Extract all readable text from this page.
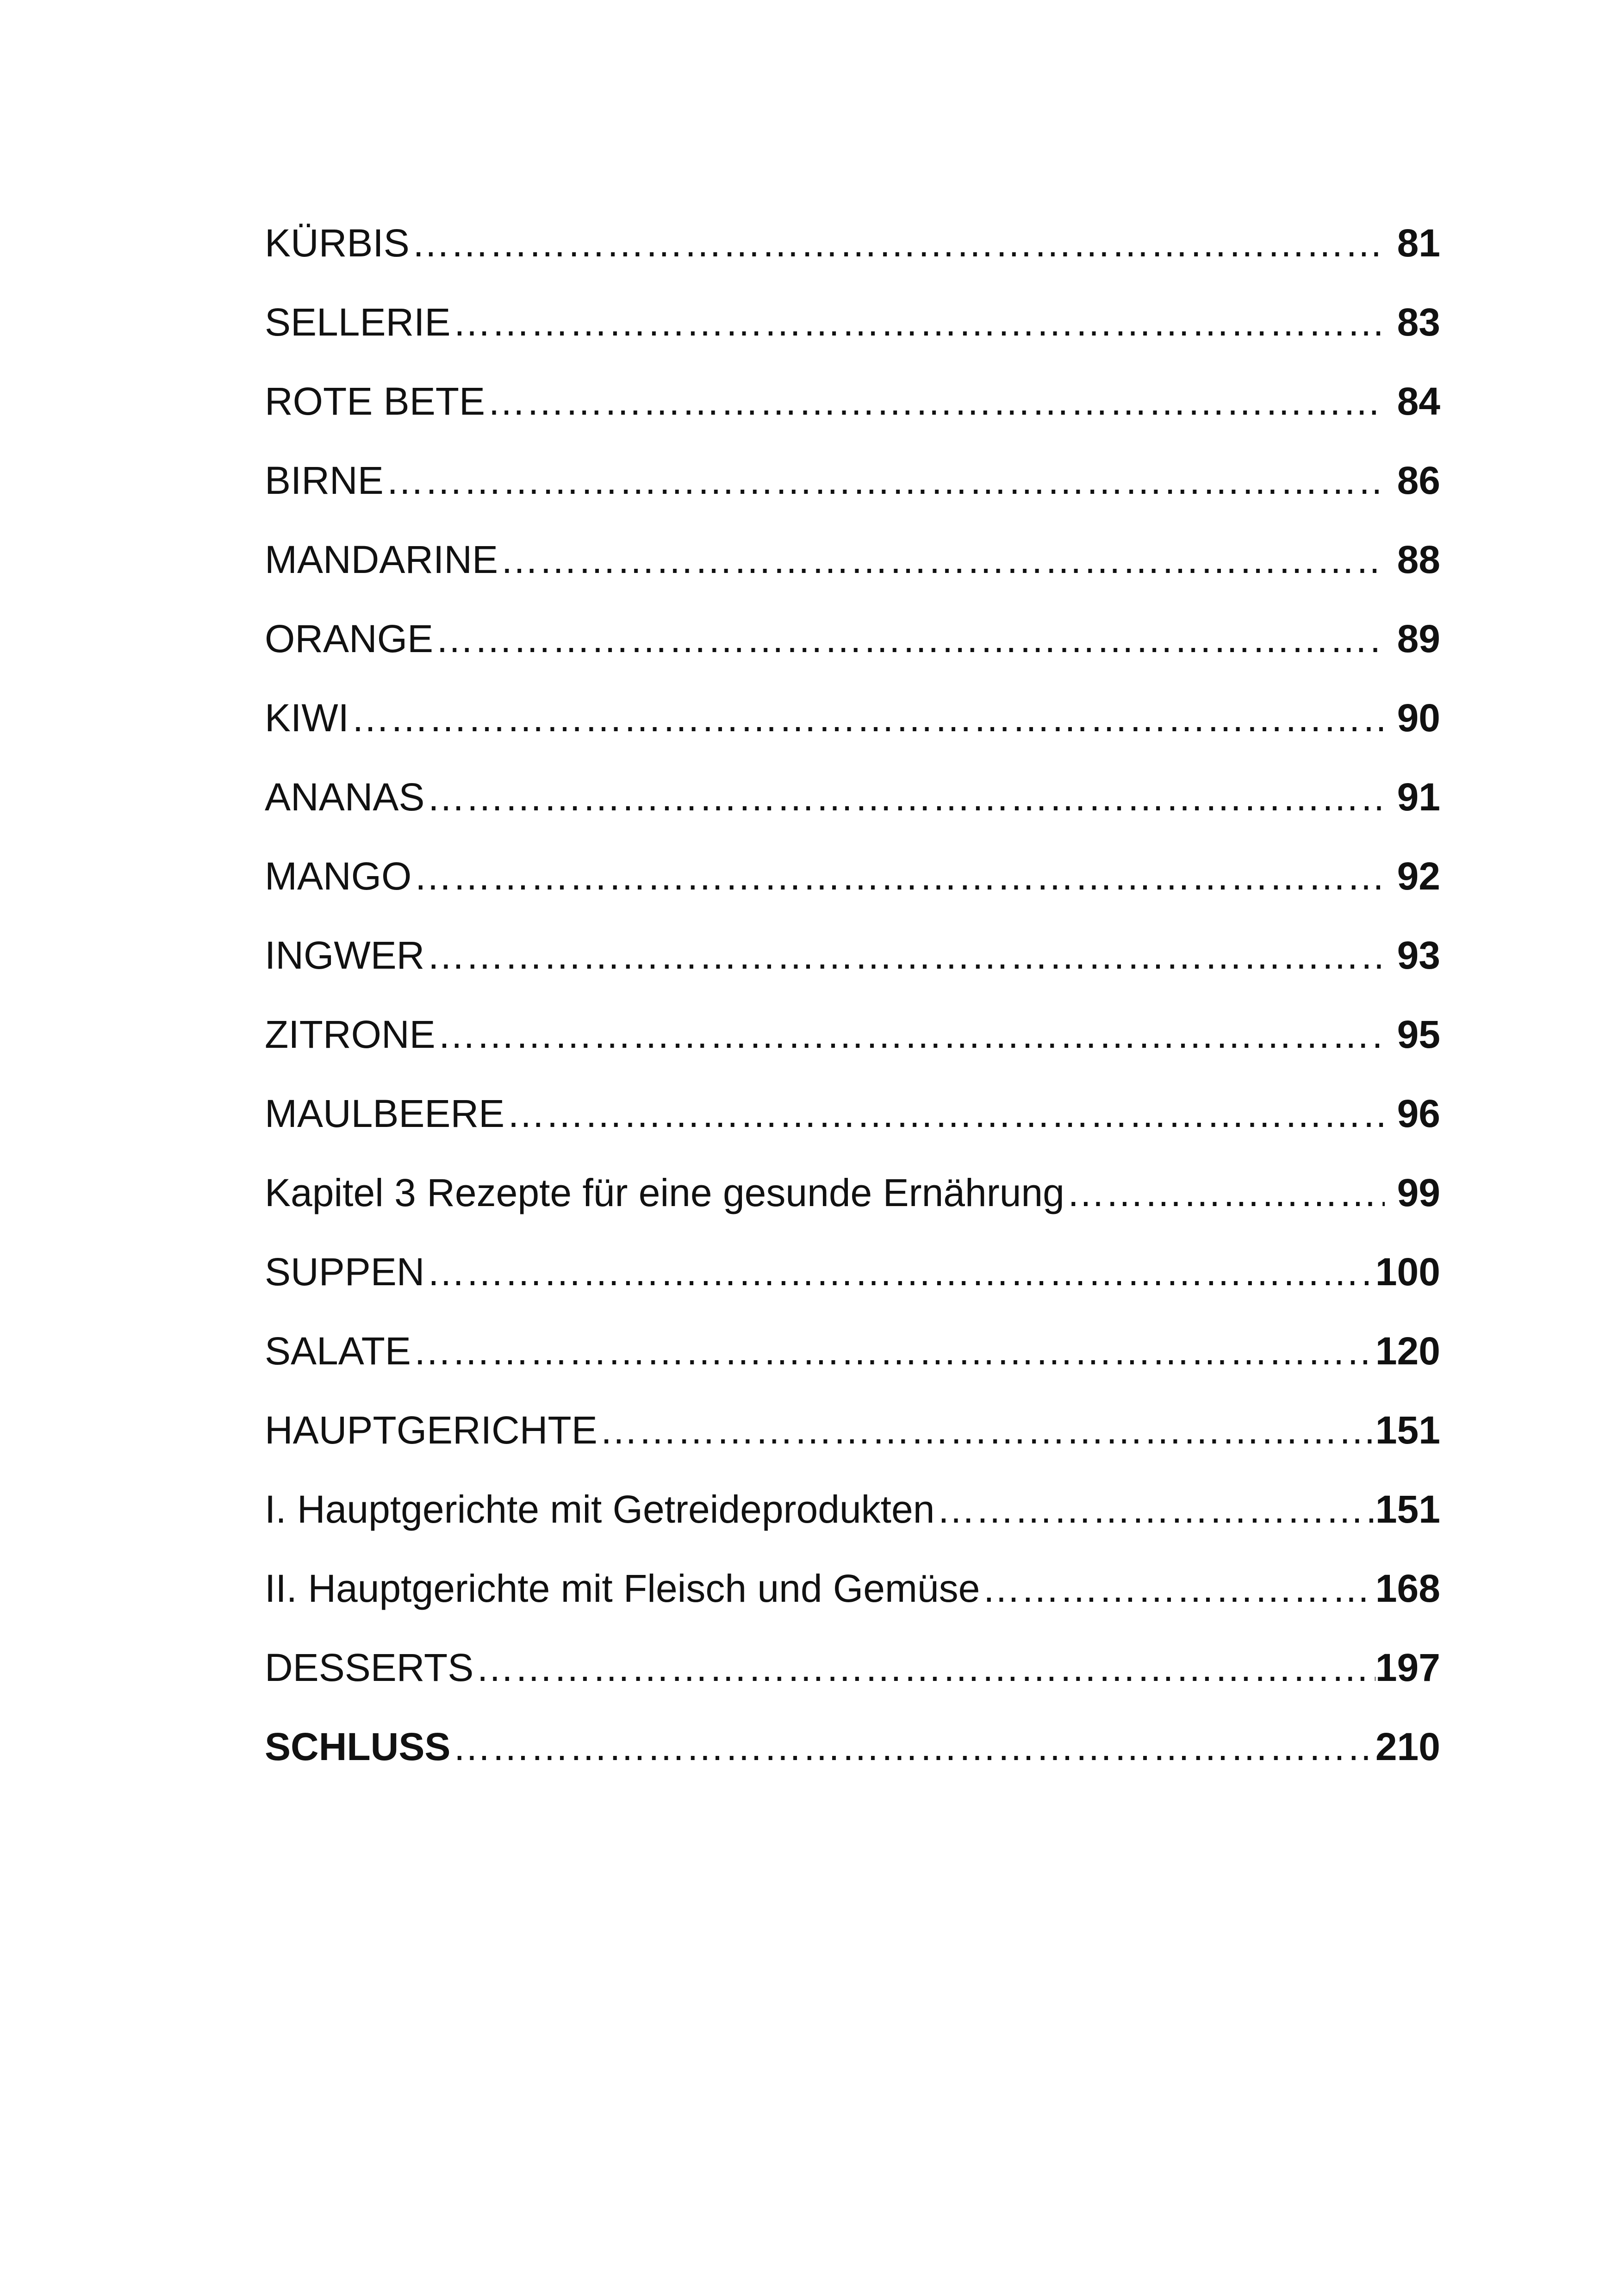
KÜRBIS …………………………………………………………………………………………………………………………………………………………………………………………	81
SELLERIE …………………………………………………………………………………………………………………………………………………………………………………………	83
ROTE BETE …………………………………………………………………………………………………………………………………………………………………………………………	84
BIRNE …………………………………………………………………………………………………………………………………………………………………………………………	86
MANDARINE …………………………………………………………………………………………………………………………………………………………………………………………	88
ORANGE …………………………………………………………………………………………………………………………………………………………………………………………	89
KIWI …………………………………………………………………………………………………………………………………………………………………………………………	90
ANANAS …………………………………………………………………………………………………………………………………………………………………………………………	91
MANGO …………………………………………………………………………………………………………………………………………………………………………………………	92
INGWER …………………………………………………………………………………………………………………………………………………………………………………………	93
ZITRONE …………………………………………………………………………………………………………………………………………………………………………………………	95
MAULBEERE …………………………………………………………………………………………………………………………………………………………………………………………	96
Kapitel 3 Rezepte für eine gesunde Ernährung …………………………………………………………………………………………………………………………………………………………………………………………	99
SUPPEN …………………………………………………………………………………………………………………………………………………………………………………………	100
SALATE …………………………………………………………………………………………………………………………………………………………………………………………	120
HAUPTGERICHTE …………………………………………………………………………………………………………………………………………………………………………………………	151
I. Hauptgerichte mit Getreideprodukten …………………………………………………………………………………………………………………………………………………………………………………………	151
II. Hauptgerichte mit Fleisch und Gemüse …………………………………………………………………………………………………………………………………………………………………………………………	168
DESSERTS …………………………………………………………………………………………………………………………………………………………………………………………	197
SCHLUSS …………………………………………………………………………………………………………………………………………………………………………………………	210
